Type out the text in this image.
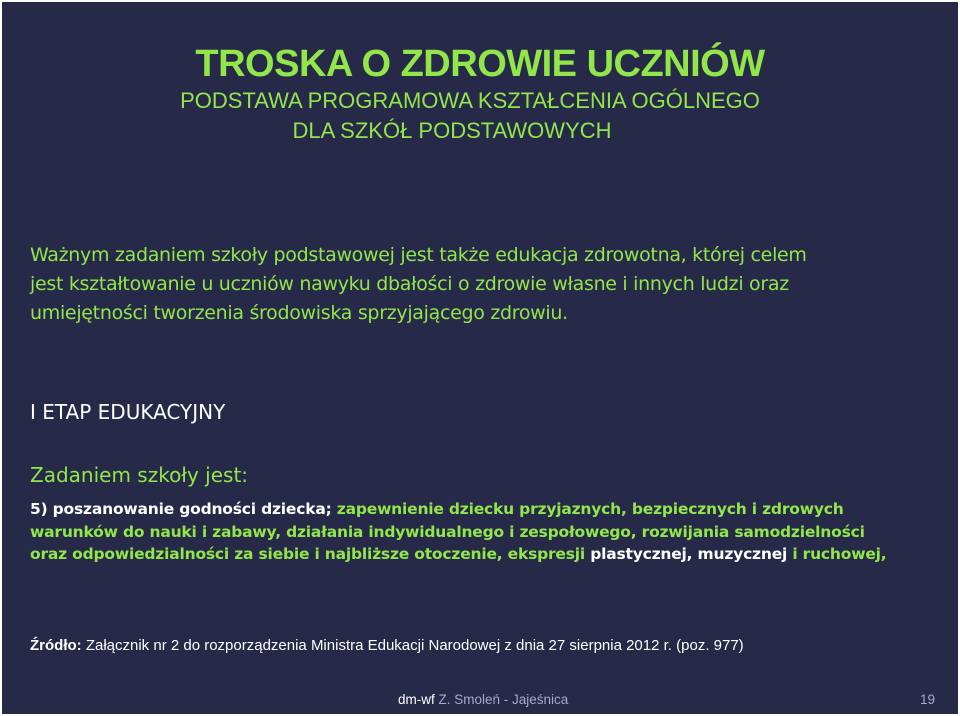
TROSKA O ZDROWIE UCZNIÓW
PODSTAWA PROGRAMOWA KSZTAŁCENIA OGÓLNEGO
DLA SZKÓŁ PODSTAWOWYCH
Ważnym zadaniem szkoły podstawowej jest także edukacja zdrowotna, której celem
jest kształtowanie u uczniów nawyku dbałości o zdrowie własne i innych ludzi oraz
umiejętności tworzenia środowiska sprzyjającego zdrowiu.
I ETAP EDUKACYJNY
Zadaniem szkoły jest:
5) poszanowanie godności dziecka; zapewnienie dziecku przyjaznych, bezpiecznych i zdrowych
warunków do nauki i zabawy, działania indywidualnego i zespołowego, rozwijania samodzielności
oraz odpowiedzialności za siebie i najbliższe otoczenie, ekspresji plastycznej, muzycznej i ruchowej,
Źródło: Załącznik nr 2 do rozporządzenia Ministra Edukacji Narodowej z dnia 27 sierpnia 2012 r. (poz. 977)
dm-wf Z. Smoleń - Jajeśnica	19
